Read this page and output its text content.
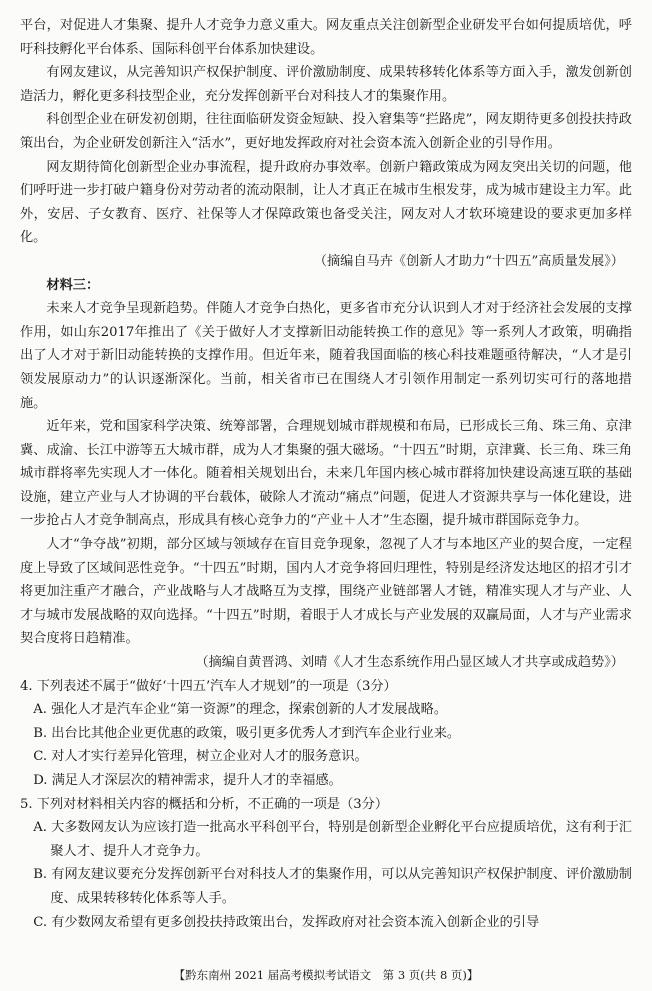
平台，对促进人才集聚、提升人才竞争力意义重大。网友重点关注创新型企业研发平台如何提质培优，呼吁科技孵化平台体系、国际科创平台体系加快建设。

有网友建议，从完善知识产权保护制度、评价激励制度、成果转移转化体系等方面入手，激发创新创造活力，孵化更多科技型企业，充分发挥创新平台对科技人才的集聚作用。

科创型企业在研发初创期，往往面临研发资金短缺、投入窘集等“拦路虎”，网友期待更多创投扶持政策出台，为企业研发创新注入“活水”，更好地发挥政府对社会资本流入创新企业的引导作用。

网友期待简化创新型企业办事流程，提升政府办事效率。创新户籍政策成为网友突出关切的问题，他们呼吁进一步打破户籍身份对劳动者的流动限制，让人才真正在城市生根发芽，成为城市建设主力军。此外，安居、子女教育、医疗、社保等人才保障政策也备受关注，网友对人才软环境建设的要求更加多样化。

（摘编自马卉《创新人才助力“十四五”高质量发展》）

材料三：

未来人才竞争呈现新趋势。伴随人才竞争白热化，更多省市充分认识到人才对于经济社会发展的支撑作用，如山东2017年推出了《关于做好人才支撑新旧动能转换工作的意见》等一系列人才政策，明确指出了人才对于新旧动能转换的支撑作用。但近年来，随着我国面临的核心科技难题亟待解决，“人才是引领发展原动力”的认识逐渐深化。当前，相关省市已在围绕人才引领作用制定一系列切实可行的落地措施。

近年来，党和国家科学决策、统筹部署，合理规划城市群规模和布局，已形成长三角、珠三角、京津冀、成渝、长江中游等五大城市群，成为人才集聚的强大磁场。“十四五”时期，京津冀、长三角、珠三角城市群将率先实现人才一体化。随着相关规划出台，未来几年国内核心城市群将加快建设高速互联的基础设施，建立产业与人才协调的平台载体，破除人才流动“痛点”问题，促进人才资源共享与一体化建设，进一步抢占人才竞争制高点，形成具有核心竞争力的“产业＋人才”生态圈，提升城市群国际竞争力。

人才“争夺战”初期，部分区域与领域存在盲目竞争现象，忽视了人才与本地区产业的契合度，一定程度上导致了区域间恶性竞争。“十四五”时期，国内人才竞争将回归理性，特别是经济发达地区的招才引才将更加注重产才融合，产业战略与人才战略互为支撑，围绕产业链部署人才链，精准实现人才与产业、人才与城市发展战略的双向选择。“十四五”时期，着眼于人才成长与产业发展的双赢局面，人才与产业需求契合度将日趋精准。

（摘编自黄晋鸿、刘晴《人才生态系统作用凸显区域人才共享或成趋势》）

4. 下列表述不属于“做好‘十四五’汽车人才规划”的一项是（3分）

A. 强化人才是汽车企业“第一资源”的理念，探索创新的人才发展战略。

B. 出台比其他企业更优惠的政策，吸引更多优秀人才到汽车企业行业来。

C. 对人才实行差异化管理，树立企业对人才的服务意识。

D. 满足人才深层次的精神需求，提升人才的幸福感。

5. 下列对材料相关内容的概括和分析，不正确的一项是（3分）

A. 大多数网友认为应该打造一批高水平科创平台，特别是创新型企业孵化平台应提质培优，这有利于汇聚人才、提升人才竞争力。

B. 有网友建议要充分发挥创新平台对科技人才的集聚作用，可以从完善知识产权保护制度、评价激励制度、成果转移转化体系等人手。

C. 有少数网友希望有更多创投扶持政策出台，发挥政府对社会资本流入创新企业的引导

【黔东南州 2021 届高考模拟考试语文　第 3 页(共 8 页)】
